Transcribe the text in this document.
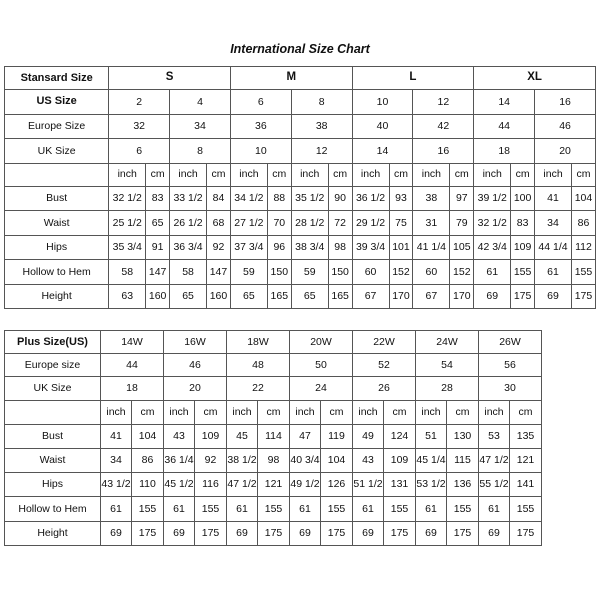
International Size Chart
Stansard Size	S				M				L				XL			
US Size	2		4		6		8		10		12		14		16	
Europe Size	32		34		36		38		40		42		44		46	
UK Size	6		8		10		12		14		16		18		20	
	inch	cm	inch	cm	inch	cm	inch	cm	inch	cm	inch	cm	inch	cm	inch	cm
Bust	32 1/2	83	33 1/2	84	34 1/2	88	35 1/2	90	36 1/2	93	38	97	39 1/2	100	41	104
Waist	25 1/2	65	26 1/2	68	27 1/2	70	28 1/2	72	29 1/2	75	31	79	32 1/2	83	34	86
Hips	35 3/4	91	36 3/4	92	37 3/4	96	38 3/4	98	39 3/4	101	41 1/4	105	42 3/4	109	44 1/4	112
Hollow to Hem	58	147	58	147	59	150	59	150	60	152	60	152	61	155	61	155
Height	63	160	65	160	65	165	65	165	67	170	67	170	69	175	69	175
Plus Size(US)	14W		16W		18W		20W		22W		24W		26W		
Europe size	44		46		48		50		52		54		56		
UK Size	18		20		22		24		26		28		30		
	inch	cm	inch	cm	inch	cm	inch	cm	inch	cm	inch	cm	inch	cm	
Bust	41	104	43	109	45	114	47	119	49	124	51	130	53	135	
Waist	34	86	36 1/4	92	38 1/2	98	40 3/4	104	43	109	45 1/4	115	47 1/2	121	
Hips	43 1/2	110	45 1/2	116	47 1/2	121	49 1/2	126	51 1/2	131	53 1/2	136	55 1/2	141	
Hollow to Hem	61	155	61	155	61	155	61	155	61	155	61	155	61	155	
Height	69	175	69	175	69	175	69	175	69	175	69	175	69	175	
